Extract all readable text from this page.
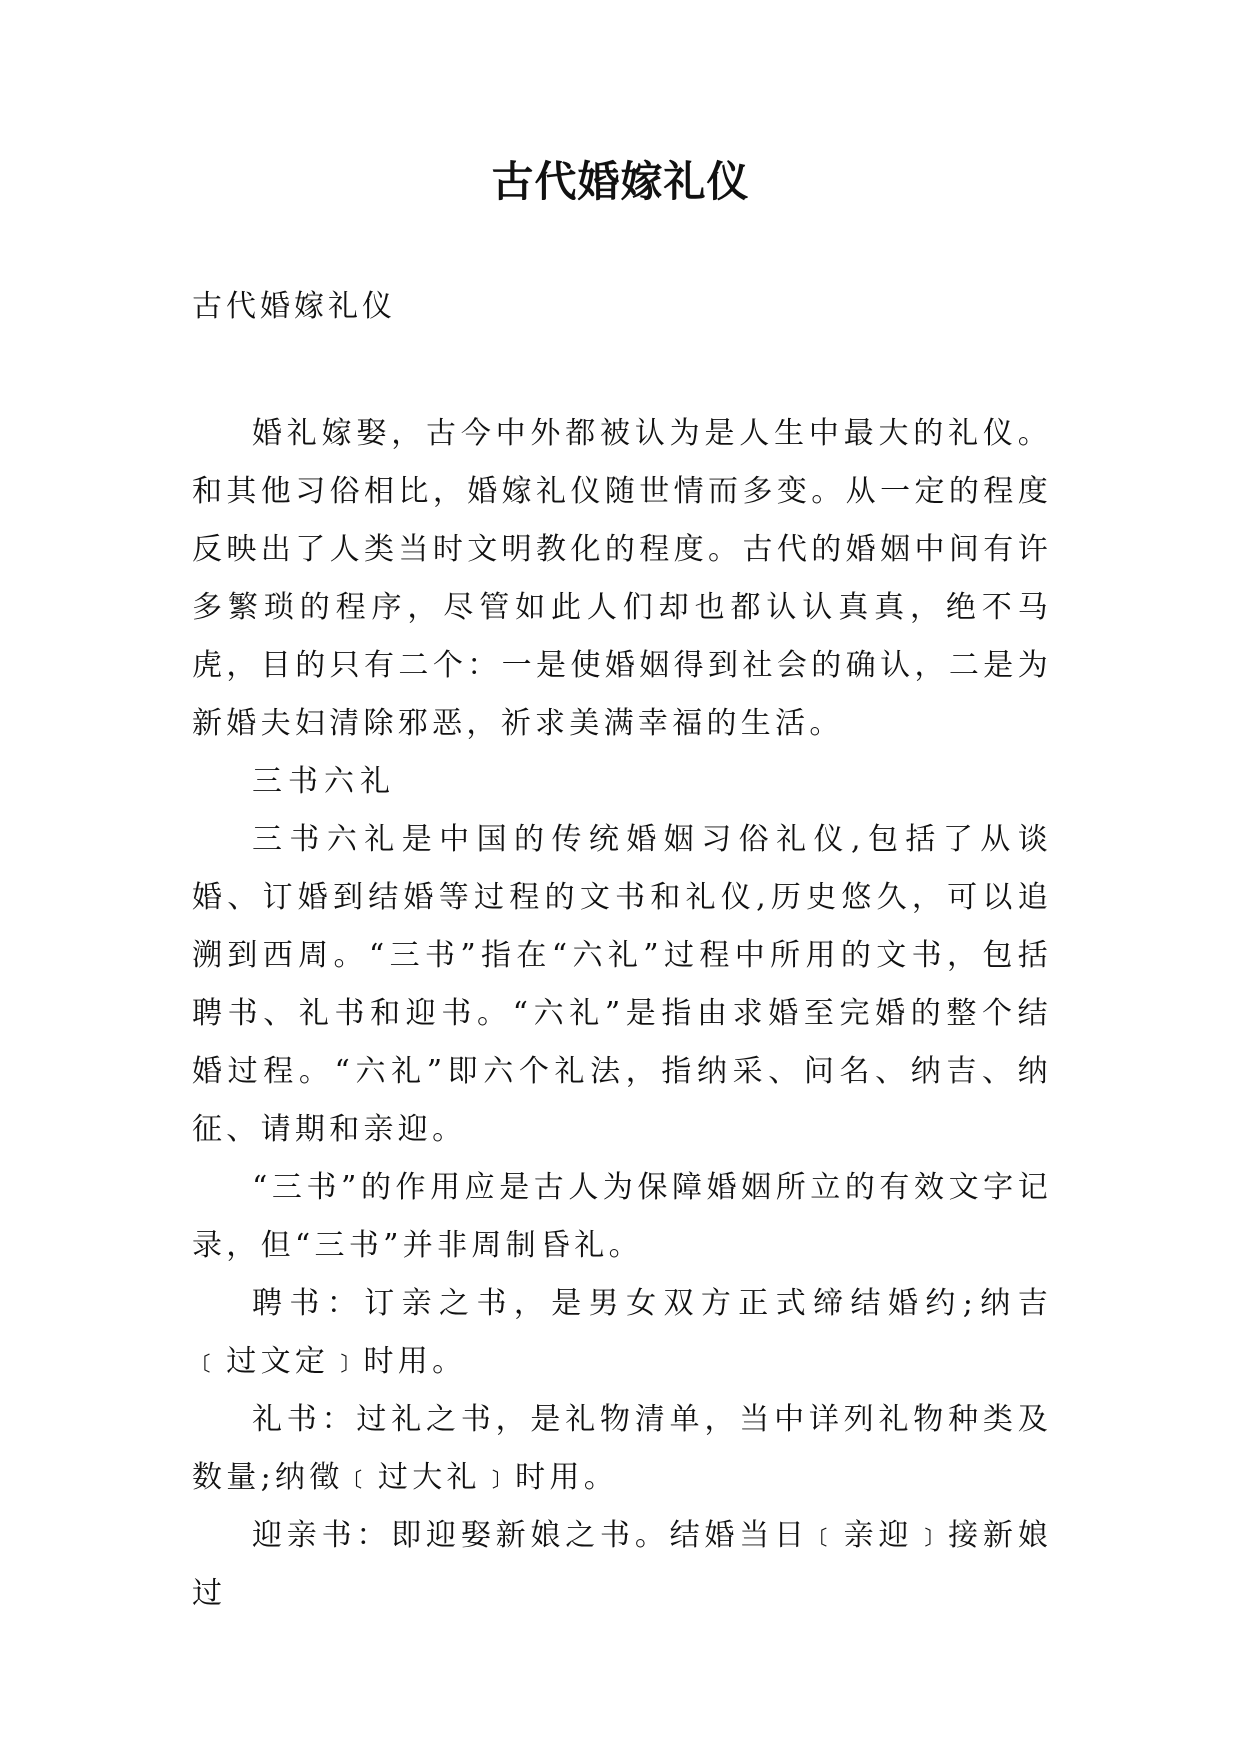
古代婚嫁礼仪
古代婚嫁礼仪

婚礼嫁娶，古今中外都被认为是人生中最大的礼仪。和其他习俗相比，婚嫁礼仪随世情而多变。从一定的程度反映出了人类当时文明教化的程度。古代的婚姻中间有许多繁琐的程序，尽管如此人们却也都认认真真，绝不马虎，目的只有二个：一是使婚姻得到社会的确认，二是为新婚夫妇清除邪恶，祈求美满幸福的生活。

三书六礼

三书六礼是中国的传统婚姻习俗礼仪,包括了从谈婚、订婚到结婚等过程的文书和礼仪,历史悠久，可以追溯到西周。“三书”指在“六礼”过程中所用的文书，包括聘书、礼书和迎书。“六礼”是指由求婚至完婚的整个结婚过程。“六礼”即六个礼法，指纳采、问名、纳吉、纳征、请期和亲迎。

“三书”的作用应是古人为保障婚姻所立的有效文字记录，但“三书”并非周制昏礼。

聘书：订亲之书，是男女双方正式缔结婚约;纳吉﹝过文定﹞时用。

礼书：过礼之书，是礼物清单，当中详列礼物种类及数量;纳徵﹝过大礼﹞时用。

迎亲书：即迎娶新娘之书。结婚当日﹝亲迎﹞接新娘过
